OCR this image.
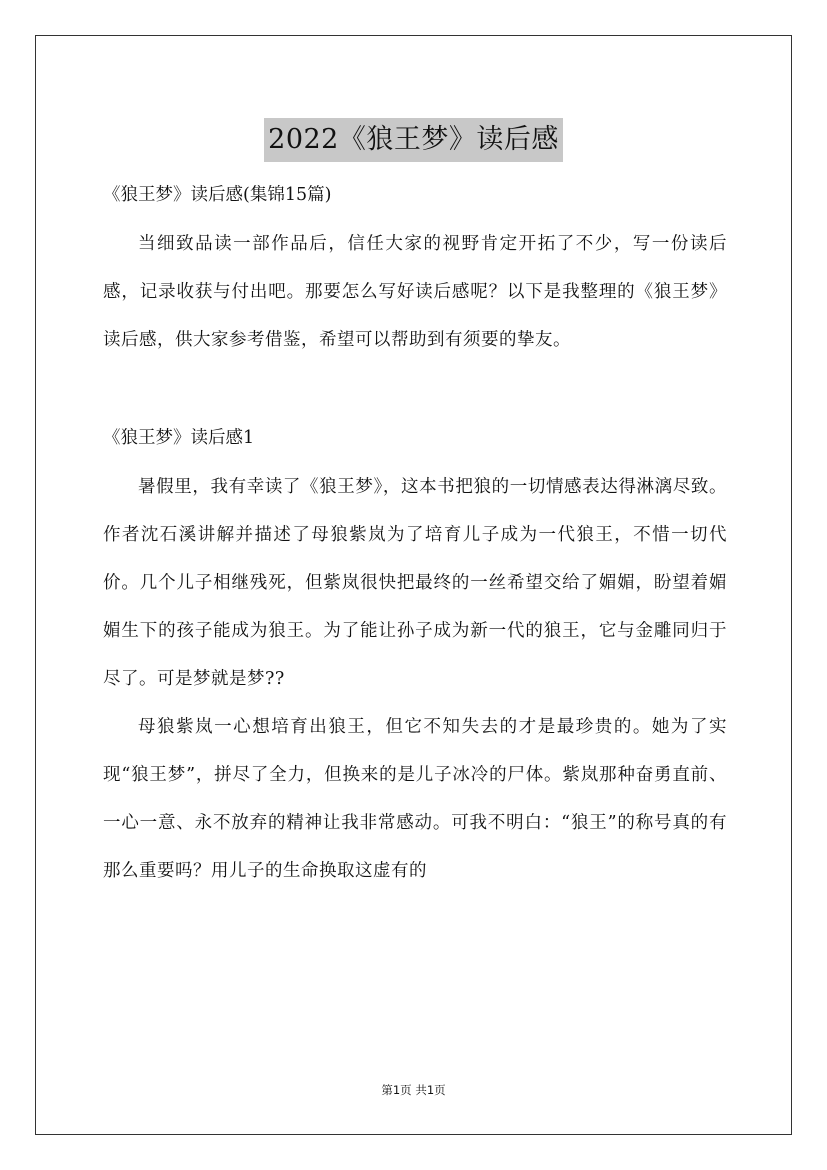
2022《狼王梦》读后感
《狼王梦》读后感(集锦15篇)

当细致品读一部作品后，信任大家的视野肯定开拓了不少，写一份读后感，记录收获与付出吧。那要怎么写好读后感呢？以下是我整理的《狼王梦》读后感，供大家参考借鉴，希望可以帮助到有须要的挚友。

《狼王梦》读后感1

暑假里，我有幸读了《狼王梦》，这本书把狼的一切情感表达得淋漓尽致。作者沈石溪讲解并描述了母狼紫岚为了培育儿子成为一代狼王，不惜一切代价。几个儿子相继残死，但紫岚很快把最终的一丝希望交给了媚媚，盼望着媚媚生下的孩子能成为狼王。为了能让孙子成为新一代的狼王，它与金雕同归于尽了。可是梦就是梦??

母狼紫岚一心想培育出狼王，但它不知失去的才是最珍贵的。她为了实现“狼王梦”，拼尽了全力，但换来的是儿子冰冷的尸体。紫岚那种奋勇直前、一心一意、永不放弃的精神让我非常感动。可我不明白：“狼王”的称号真的有那么重要吗？用儿子的生命换取这虚有的

第1页 共1页
